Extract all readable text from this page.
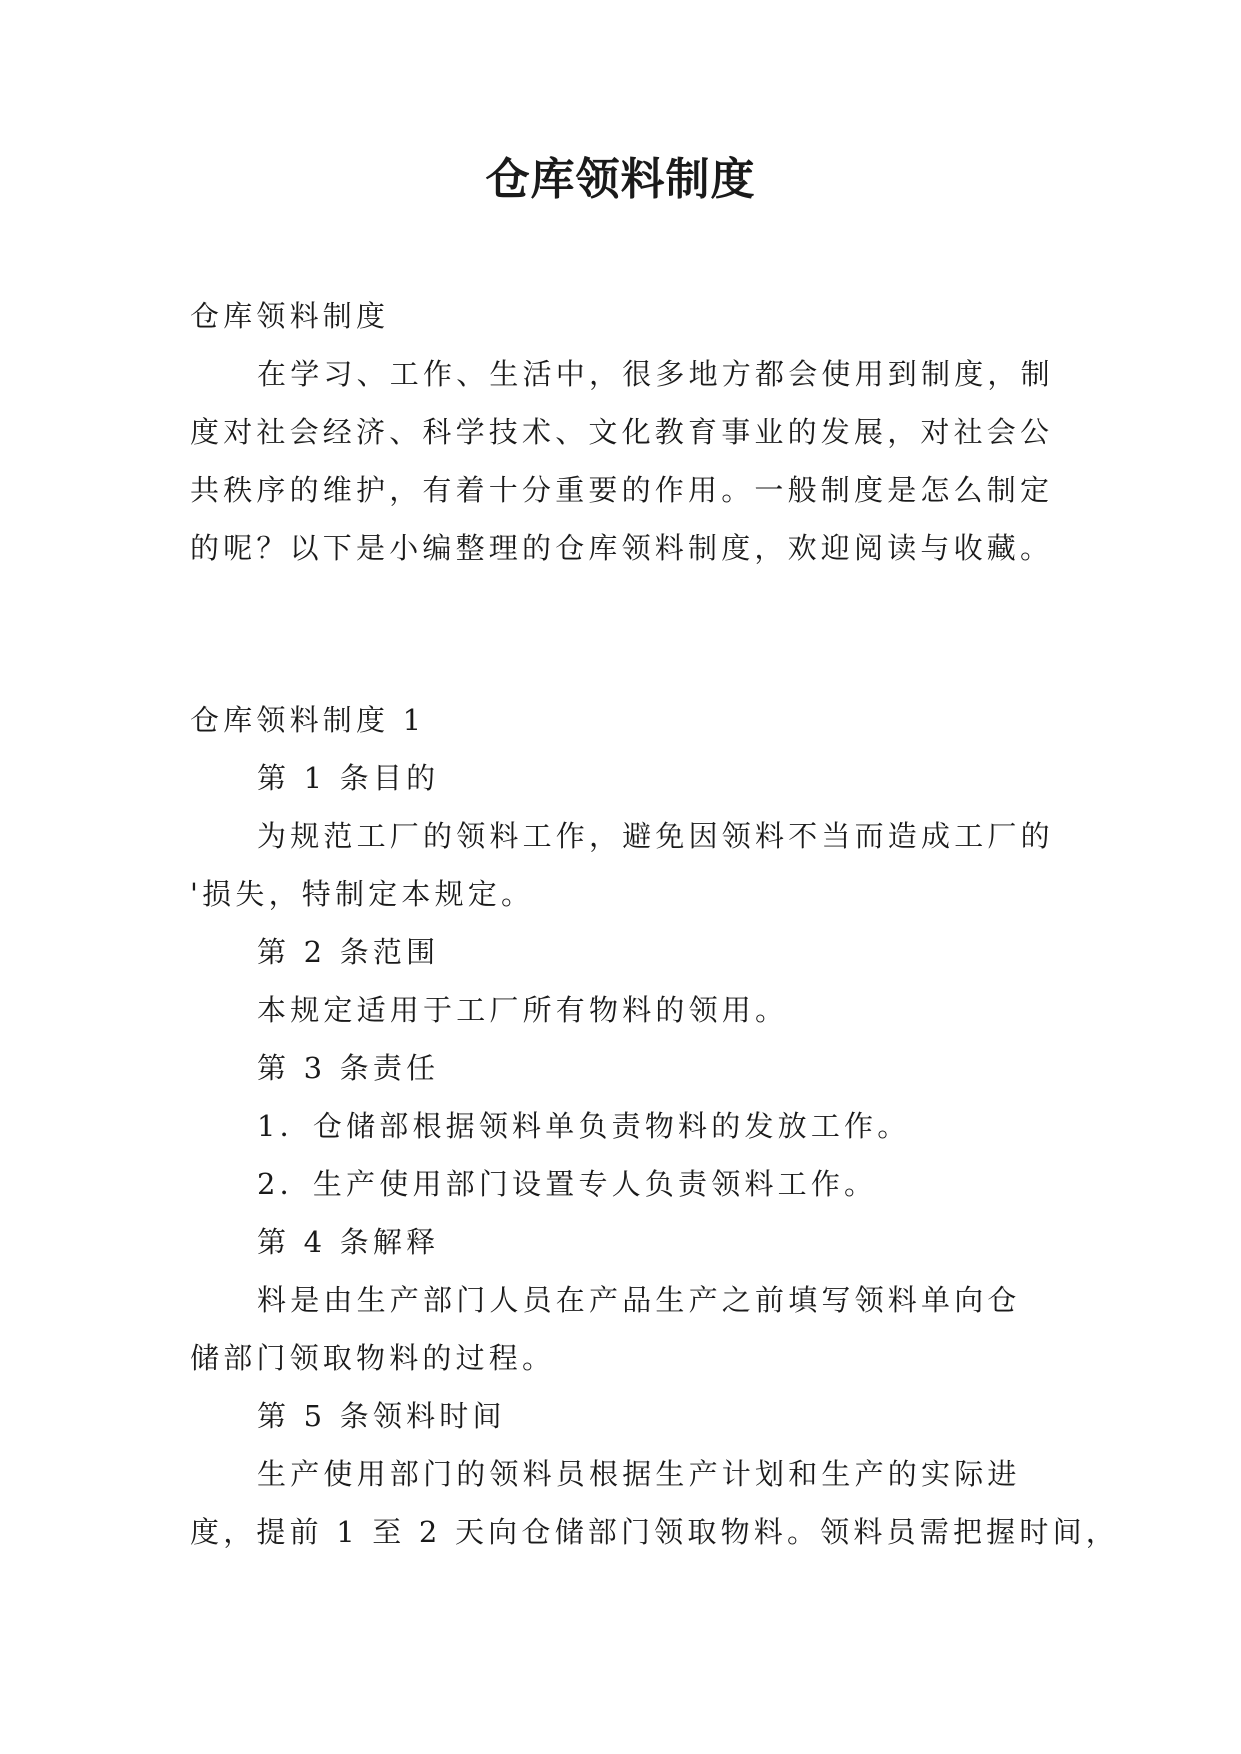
仓库领料制度
仓库领料制度
在学习、工作、生活中，很多地方都会使用到制度，制
度对社会经济、科学技术、文化教育事业的发展，对社会公
共秩序的维护，有着十分重要的作用。一般制度是怎么制定
的呢？以下是小编整理的仓库领料制度，欢迎阅读与收藏。
仓库领料制度 1
第 1 条目的
为规范工厂的领料工作，避免因领料不当而造成工厂的
'损失，特制定本规定。
第 2 条范围
本规定适用于工厂所有物料的领用。
第 3 条责任
1．仓储部根据领料单负责物料的发放工作。
2．生产使用部门设置专人负责领料工作。
第 4 条解释
料是由生产部门人员在产品生产之前填写领料单向仓
储部门领取物料的过程。
第 5 条领料时间
生产使用部门的领料员根据生产计划和生产的实际进
度，提前 1 至 2 天向仓储部门领取物料。领料员需把握时间，
